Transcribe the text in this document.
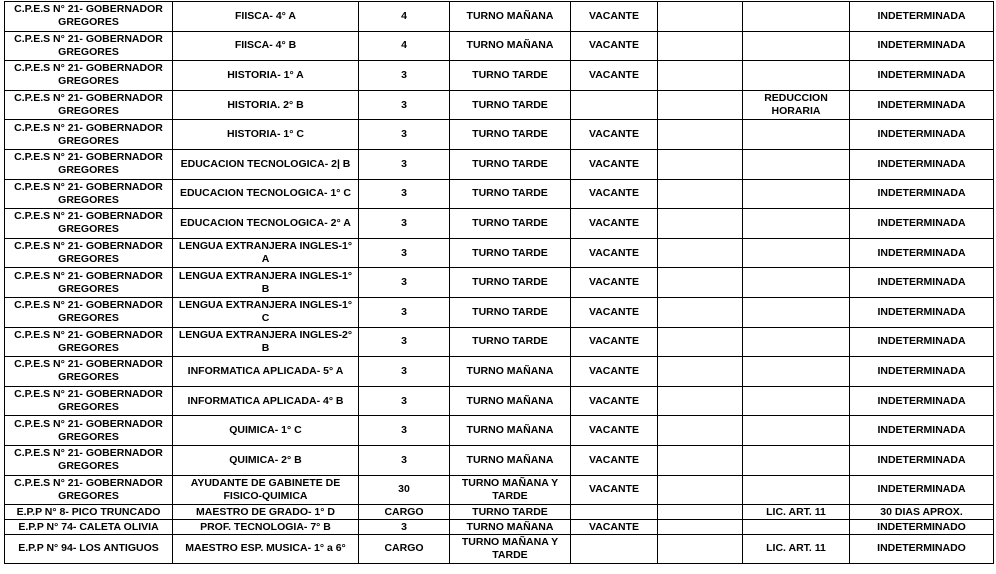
C.P.E.S N° 21- GOBERNADOR GREGORES	FIISCA- 4° A	4	TURNO MAÑANA	VACANTE			INDETERMINADA
C.P.E.S N° 21- GOBERNADOR GREGORES	FIISCA- 4° B	4	TURNO MAÑANA	VACANTE			INDETERMINADA
C.P.E.S N° 21- GOBERNADOR GREGORES	HISTORIA- 1° A	3	TURNO TARDE	VACANTE			INDETERMINADA
C.P.E.S N° 21- GOBERNADOR GREGORES	HISTORIA. 2° B	3	TURNO TARDE			REDUCCION HORARIA	INDETERMINADA
C.P.E.S N° 21- GOBERNADOR GREGORES	HISTORIA- 1° C	3	TURNO TARDE	VACANTE			INDETERMINADA
C.P.E.S N° 21- GOBERNADOR GREGORES	EDUCACION TECNOLOGICA- 2| B	3	TURNO TARDE	VACANTE			INDETERMINADA
C.P.E.S N° 21- GOBERNADOR GREGORES	EDUCACION TECNOLOGICA- 1° C	3	TURNO TARDE	VACANTE			INDETERMINADA
C.P.E.S N° 21- GOBERNADOR GREGORES	EDUCACION TECNOLOGICA- 2° A	3	TURNO TARDE	VACANTE			INDETERMINADA
C.P.E.S N° 21- GOBERNADOR GREGORES	LENGUA EXTRANJERA INGLES-1° A	3	TURNO TARDE	VACANTE			INDETERMINADA
C.P.E.S N° 21- GOBERNADOR GREGORES	LENGUA EXTRANJERA INGLES-1° B	3	TURNO TARDE	VACANTE			INDETERMINADA
C.P.E.S N° 21- GOBERNADOR GREGORES	LENGUA EXTRANJERA INGLES-1° C	3	TURNO TARDE	VACANTE			INDETERMINADA
C.P.E.S N° 21- GOBERNADOR GREGORES	LENGUA EXTRANJERA INGLES-2° B	3	TURNO TARDE	VACANTE			INDETERMINADA
C.P.E.S N° 21- GOBERNADOR GREGORES	INFORMATICA APLICADA- 5° A	3	TURNO MAÑANA	VACANTE			INDETERMINADA
C.P.E.S N° 21- GOBERNADOR GREGORES	INFORMATICA APLICADA- 4° B	3	TURNO MAÑANA	VACANTE			INDETERMINADA
C.P.E.S N° 21- GOBERNADOR GREGORES	QUIMICA- 1° C	3	TURNO MAÑANA	VACANTE			INDETERMINADA
C.P.E.S N° 21- GOBERNADOR GREGORES	QUIMICA- 2° B	3	TURNO MAÑANA	VACANTE			INDETERMINADA
C.P.E.S N° 21- GOBERNADOR GREGORES	AYUDANTE DE GABINETE DE FISICO-QUIMICA	30	TURNO MAÑANA Y TARDE	VACANTE			INDETERMINADA
E.P.P N° 8- PICO TRUNCADO	MAESTRO DE GRADO- 1° D	CARGO	TURNO TARDE			LIC. ART. 11	30 DIAS APROX.
E.P.P N° 74- CALETA OLIVIA	PROF. TECNOLOGIA- 7° B	3	TURNO MAÑANA	VACANTE			INDETERMINADO
E.P.P N° 94- LOS ANTIGUOS	MAESTRO ESP. MUSICA- 1° a 6°	CARGO	TURNO MAÑANA Y TARDE			LIC. ART. 11	INDETERMINADO
